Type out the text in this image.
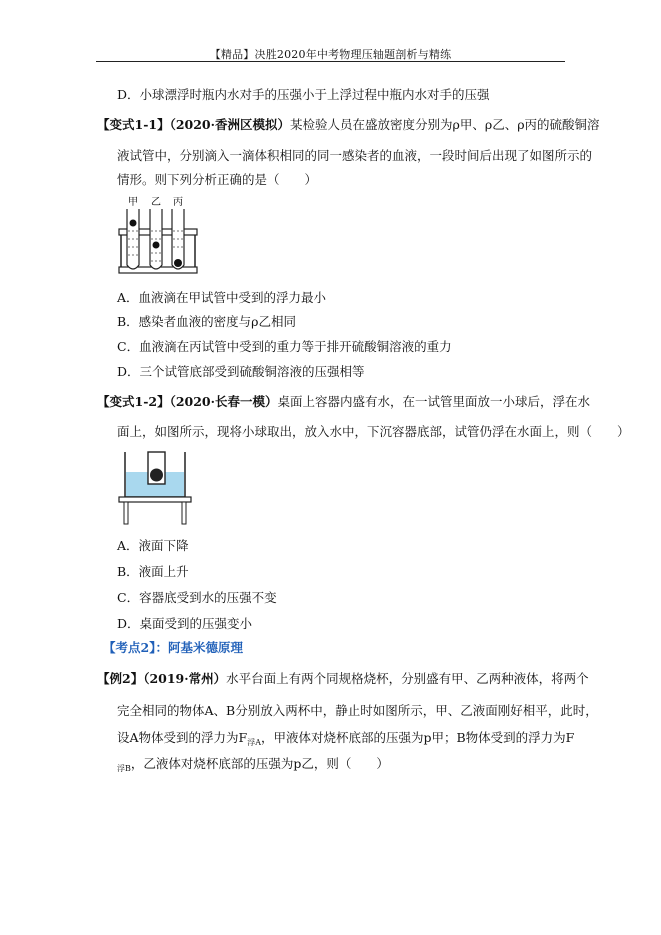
【精品】决胜2020年中考物理压轴题剖析与精练
D．小球漂浮时瓶内水对手的压强小于上浮过程中瓶内水对手的压强
【变式1-1】（2020·香洲区模拟）某检验人员在盛放密度分别为ρ甲、ρ乙、ρ丙的硫酸铜溶
液试管中，分别滴入一滴体积相同的同一感染者的血液，一段时间后出现了如图所示的
情形。则下列分析正确的是（　　）
甲 乙 丙
A．血液滴在甲试管中受到的浮力最小
B．感染者血液的密度与ρ乙相同
C．血液滴在丙试管中受到的重力等于排开硫酸铜溶液的重力
D．三个试管底部受到硫酸铜溶液的压强相等
【变式1-2】（2020·长春一模）桌面上容器内盛有水，在一试管里面放一小球后，浮在水
面上，如图所示，现将小球取出，放入水中，下沉容器底部，试管仍浮在水面上，则（　　）
A．液面下降
B．液面上升
C．容器底受到水的压强不变
D．桌面受到的压强变小
【考点2】：阿基米德原理
【例2】（2019·常州）水平台面上有两个同规格烧杯，分别盛有甲、乙两种液体，将两个
完全相同的物体A、B分别放入两杯中，静止时如图所示，甲、乙液面刚好相平，此时，
设A物体受到的浮力为$F_{浮A}$，甲液体对烧杯底部的压强为p甲；B物体受到的浮力为F
$_{浮B}$，乙液体对烧杯底部的压强为p乙，则（　　）
